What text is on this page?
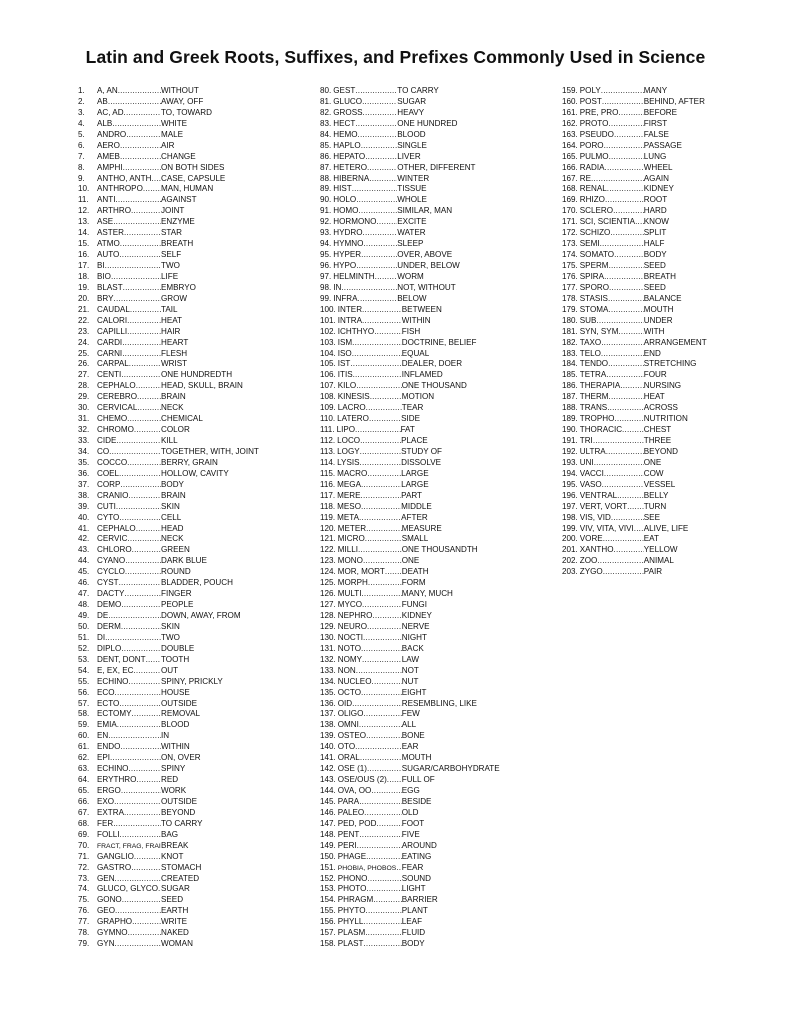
Latin and Greek Roots, Suffixes, and Prefixes Commonly Used in Science
1.	A, AN .....	WITHOUT
2.	AB .....	AWAY, OFF
3.	AC, AD .....	TO, TOWARD
4.	ALB .....	WHITE
5.	ANDRO .....	MALE
6.	AERO .....	AIR
7.	AMEB .....	CHANGE
8.	AMPHI .....	ON BOTH SIDES
9.	ANTHO, ANTH ..... CASE, CAPSULE
10. ANTHROPO ..... MAN, HUMAN
11.	ANTI .....	AGAINST
12. ARTHRO .....	JOINT
13. ASE .....	ENZYME
14. ASTER .....	STAR
15. ATMO .....	BREATH
16. AUTO .....	SELF
17. BI .....	TWO
18. BIO .....	LIFE
19. BLAST .....	EMBRYO
20. BRY .....	GROW
21. CAUDAL .....	TAIL
22. CALORI .....	HEAT
23. CAPILLI .....	HAIR
24. CARDI .....	HEART
25. CARNI .....	FLESH
26. CARPAL .....	WRIST
27. CENTI .....	ONE HUNDREDTH
28. CEPHALO .....	HEAD, SKULL, BRAIN
29. CEREBRO .....	BRAIN
30. CERVICAL .....	NECK
31. CHEMO .....	CHEMICAL
32. CHROMO .....	COLOR
33. CIDE .....	KILL
34. CO .....	TOGETHER, WITH, JOINT
35. COCCO .....	BERRY, GRAIN
36. COEL .....	HOLLOW, CAVITY
37. CORP .....	BODY
38. CRANIO .....	BRAIN
39. CUTI .....	SKIN
40. CYTO .....	CELL
41. CEPHALO .....	HEAD
42. CERVIC .....	NECK
43. CHLORO .....	GREEN
44. CYANO .....	DARK BLUE
45. CYCLO .....	ROUND
46. CYST .....	BLADDER, POUCH
47. DACTY .....	FINGER
48. DEMO .....	PEOPLE
49. DE .....	DOWN, AWAY, FROM
50. DERM .....	SKIN
51. DI .....	TWO
52. DIPLO .....	DOUBLE
53. DENT, DONT ..... TOOTH
54. E, EX, EC .....	OUT
55. ECHINO .....	SPINY, PRICKLY
56. ECO .....	HOUSE
57. ECTO .....	OUTSIDE
58. ECTOMY .....	REMOVAL
59. EMIA .....	BLOOD
60. EN .....	IN
61. ENDO .....	WITHIN
62. EPI .....	ON, OVER
63. ECHINO .....	SPINY
64. ERYTHRO .....	RED
65. ERGO .....	WORK
66. EXO .....	OUTSIDE
67. EXTRA .....	BEYOND
68. FER .....	TO CARRY
69. FOLLI .....	BAG
70.	FRACT, FRAG, FRAI ..... BREAK
71. GANGLIO .....	KNOT
72. GASTRO .....	STOMACH
73. GEN .....	CREATED
74. GLUCO, GLYCO ..... SUGAR
75. GONO .....	SEED
76. GEO .....	EARTH
77. GRAPHO .....	WRITE
78. GYMNO .....	NAKED
79. GYN .....	WOMAN
80. GEST .....	TO CARRY
81. GLUCO .....	SUGAR
82. GROSS .....	HEAVY
83. HECT .....	ONE HUNDRED
84. HEMO .....	BLOOD
85. HAPLO .....	SINGLE
86. HEPATO .....	LIVER
87. HETERO .....	OTHER, DIFFERENT
88. HIBERNA .....	WINTER
89. HIST .....	TISSUE
90. HOLO .....	WHOLE
91. HOMO .....	SIMILAR, MAN
92. HORMONO .....	EXCITE
93. HYDRO .....	WATER
94. HYMNO .....	SLEEP
95. HYPER .....	OVER, ABOVE
96. HYPO .....	UNDER, BELOW
97. HELMINTH .....	WORM
98. IN .....	NOT, WITHOUT
99. INFRA .....	BELOW
100. INTER .....	BETWEEN
101. INTRA .....	WITHIN
102. ICHTHYO .....	FISH
103. ISM .....	DOCTRINE, BELIEF
104. ISO .....	EQUAL
105. IST .....	DEALER, DOER
106. ITIS .....	INFLAMED
107. KILO .....	ONE THOUSAND
108. KINESIS .....	MOTION
109. LACRO .....	TEAR
110. LATERO .....	SIDE
111. LIPO .....	FAT
112. LOCO .....	PLACE
113. LOGY .....	STUDY OF
114. LYSIS .....	DISSOLVE
115. MACRO .....	LARGE
116. MEGA .....	LARGE
117. MERE .....	PART
118. MESO .....	MIDDLE
119. META .....	AFTER
120. METER .....	MEASURE
121. MICRO .....	SMALL
122. MILLI .....	ONE THOUSANDTH
123. MONO .....	ONE
124. MOR, MORT ..... DEATH
125. MORPH .....	FORM
126. MULTI .....	MANY, MUCH
127. MYCO .....	FUNGI
128. NEPHRO .....	KIDNEY
129. NEURO .....	NERVE
130. NOCTI .....	NIGHT
131. NOTO .....	BACK
132. NOMY .....	LAW
133. NON .....	NOT
134. NUCLEO .....	NUT
135. OCTO .....	EIGHT
136. OID .....	RESEMBLING, LIKE
137. OLIGO .....	FEW
138. OMNI .....	ALL
139. OSTEO .....	BONE
140. OTO .....	EAR
141. ORAL .....	MOUTH
142. OSE (1) .....	SUGAR/CARBOHYDRATE
143. OSE/OUS (2) ..... FULL OF
144. OVA, OO .....	EGG
145. PARA .....	BESIDE
146. PALEO .....	OLD
147. PED, POD .....	FOOT
148. PENT .....	FIVE
149. PERI .....	AROUND
150. PHAGE .....	EATING
151. PHOBIA, PHOBOS ..... FEAR
152. PHONO .....	SOUND
153. PHOTO .....	LIGHT
154. PHRAGM .....	BARRIER
155. PHYTO .....	PLANT
156. PHYLL .....	LEAF
157. PLASM .....	FLUID
158. PLAST .....	BODY
159. POLY .....	MANY
160. POST .....	BEHIND, AFTER
161. PRE, PRO .....	BEFORE
162. PROTO .....	FIRST
163. PSEUDO .....	FALSE
164. PORO .....	PASSAGE
165. PULMO .....	LUNG
166. RADIA .....	WHEEL
167. RE .....	AGAIN
168. RENAL .....	KIDNEY
169. RHIZO .....	ROOT
170. SCLERO .....	HARD
171. SCI, SCIENTIA ..... KNOW
172. SCHIZO .....	SPLIT
173. SEMI .....	HALF
174. SOMATO .....	BODY
175. SPERM .....	SEED
176. SPIRA .....	BREATH
177. SPORO .....	SEED
178. STASIS .....	BALANCE
179. STOMA .....	MOUTH
180. SUB .....	UNDER
181. SYN, SYM .....	WITH
182. TAXO .....	ARRANGEMENT
183. TELO .....	END
184. TENDO .....	STRETCHING
185. TETRA .....	FOUR
186. THERAPIA .....	NURSING
187. THERM .....	HEAT
188. TRANS .....	ACROSS
189. TROPHO .....	NUTRITION
190. THORACIC .....	CHEST
191. TRI .....	THREE
192. ULTRA .....	BEYOND
193. UNI .....	ONE
194. VACCI .....	COW
195. VASO .....	VESSEL
196. VENTRAL .....	BELLY
197. VERT, VORT ..... TURN
198. VIS, VID .....	SEE
199. VIV, VITA, VIVI ..... ALIVE, LIFE
200. VORE .....	EAT
201. XANTHO .....	YELLOW
202. ZOO .....	ANIMAL
203. ZYGO .....	PAIR
